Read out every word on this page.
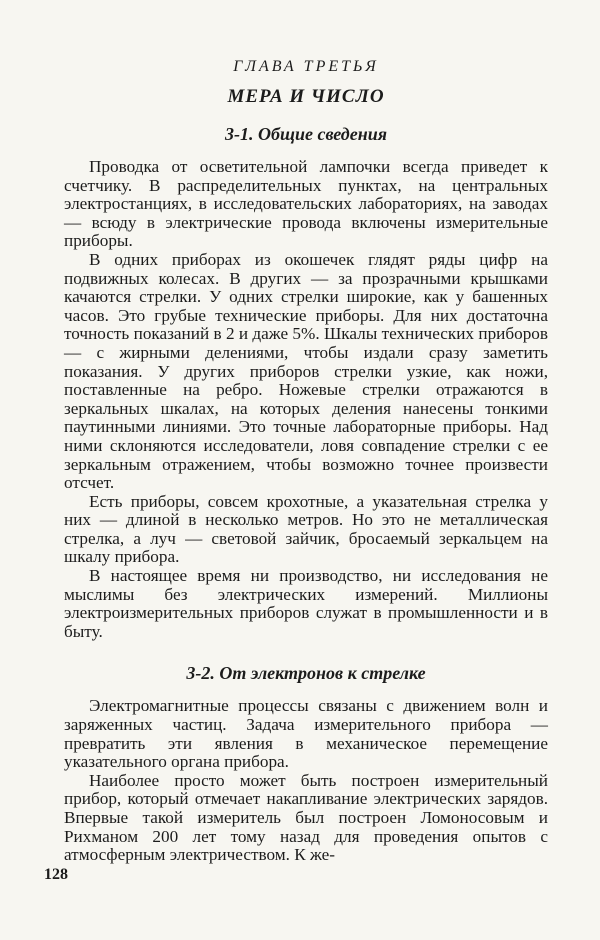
ГЛАВА ТРЕТЬЯ

МЕРА И ЧИСЛО

3-1. Общие сведения

Проводка от осветительной лампочки всегда приведет к счетчику. В распределительных пунктах, на центральных электростанциях, в исследовательских лабораториях, на заводах — всюду в электрические провода включены измерительные приборы.

В одних приборах из окошечек глядят ряды цифр на подвижных колесах. В других — за прозрачными крышками качаются стрелки. У одних стрелки широкие, как у башенных часов. Это грубые технические приборы. Для них достаточна точность показаний в 2 и даже 5%. Шкалы технических приборов — с жирными делениями, чтобы издали сразу заметить показания. У других приборов стрелки узкие, как ножи, поставленные на ребро. Ножевые стрелки отражаются в зеркальных шкалах, на которых деления нанесены тонкими паутинными линиями. Это точные лабораторные приборы. Над ними склоняются исследователи, ловя совпадение стрелки с ее зеркальным отражением, чтобы возможно точнее произвести отсчет.

Есть приборы, совсем крохотные, а указательная стрелка у них — длиной в несколько метров. Но это не металлическая стрелка, а луч — световой зайчик, бросаемый зеркальцем на шкалу прибора.

В настоящее время ни производство, ни исследования не мыслимы без электрических измерений. Миллионы электроизмерительных приборов служат в промышленности и в быту.

3-2. От электронов к стрелке

Электромагнитные процессы связаны с движением волн и заряженных частиц. Задача измерительного прибора — превратить эти явления в механическое перемещение указательного органа прибора.

Наиболее просто может быть построен измерительный прибор, который отмечает накапливание электрических зарядов. Впервые такой измеритель был построен Ломоносовым и Рихманом 200 лет тому назад для проведения опытов с атмосферным электричеством. К же-

128
